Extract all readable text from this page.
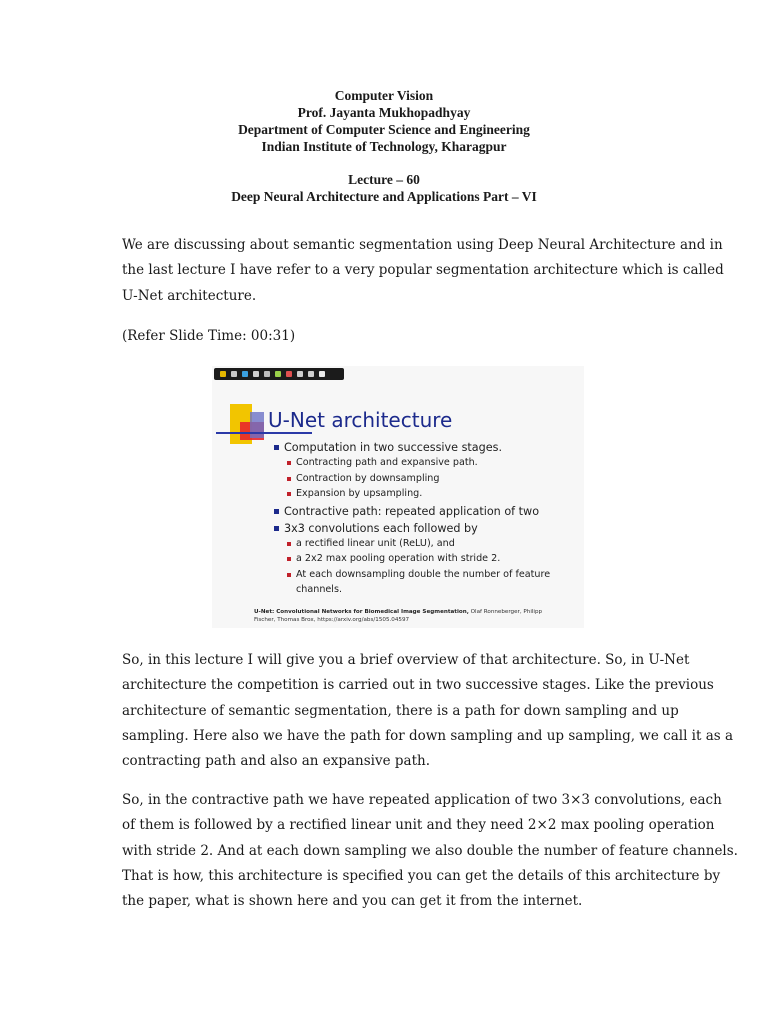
Computer Vision
Prof. Jayanta Mukhopadhyay
Department of Computer Science and Engineering
Indian Institute of Technology, Kharagpur
Lecture – 60
Deep Neural Architecture and Applications Part – VI
We are discussing about semantic segmentation using Deep Neural Architecture and in
the last lecture I have refer to a very popular segmentation architecture which is called
U-Net architecture.
(Refer Slide Time: 00:31)
U-Net architecture
Computation in two successive stages.
Contracting path and expansive path.
Contraction by downsampling
Expansion by upsampling.
Contractive path: repeated application of two
3x3 convolutions each followed by
a rectified linear unit (ReLU), and
a 2x2 max pooling operation with stride 2.
At each downsampling double the number of feature
channels.
U-Net: Convolutional Networks for Biomedical Image Segmentation, Olaf Ronneberger, Philipp
Fischer, Thomas Brox, https://arxiv.org/abs/1505.04597
So, in this lecture I will give you a brief overview of that architecture. So, in U-Net
architecture the competition is carried out in two successive stages. Like the previous
architecture of semantic segmentation, there is a path for down sampling and up
sampling. Here also we have the path for down sampling and up sampling, we call it as a
contracting path and also an expansive path.
So, in the contractive path we have repeated application of two 3×3 convolutions, each
of them is followed by a rectified linear unit and they need 2×2 max pooling operation
with stride 2. And at each down sampling we also double the number of feature channels.
That is how, this architecture is specified you can get the details of this architecture by
the paper, what is shown here and you can get it from the internet.
